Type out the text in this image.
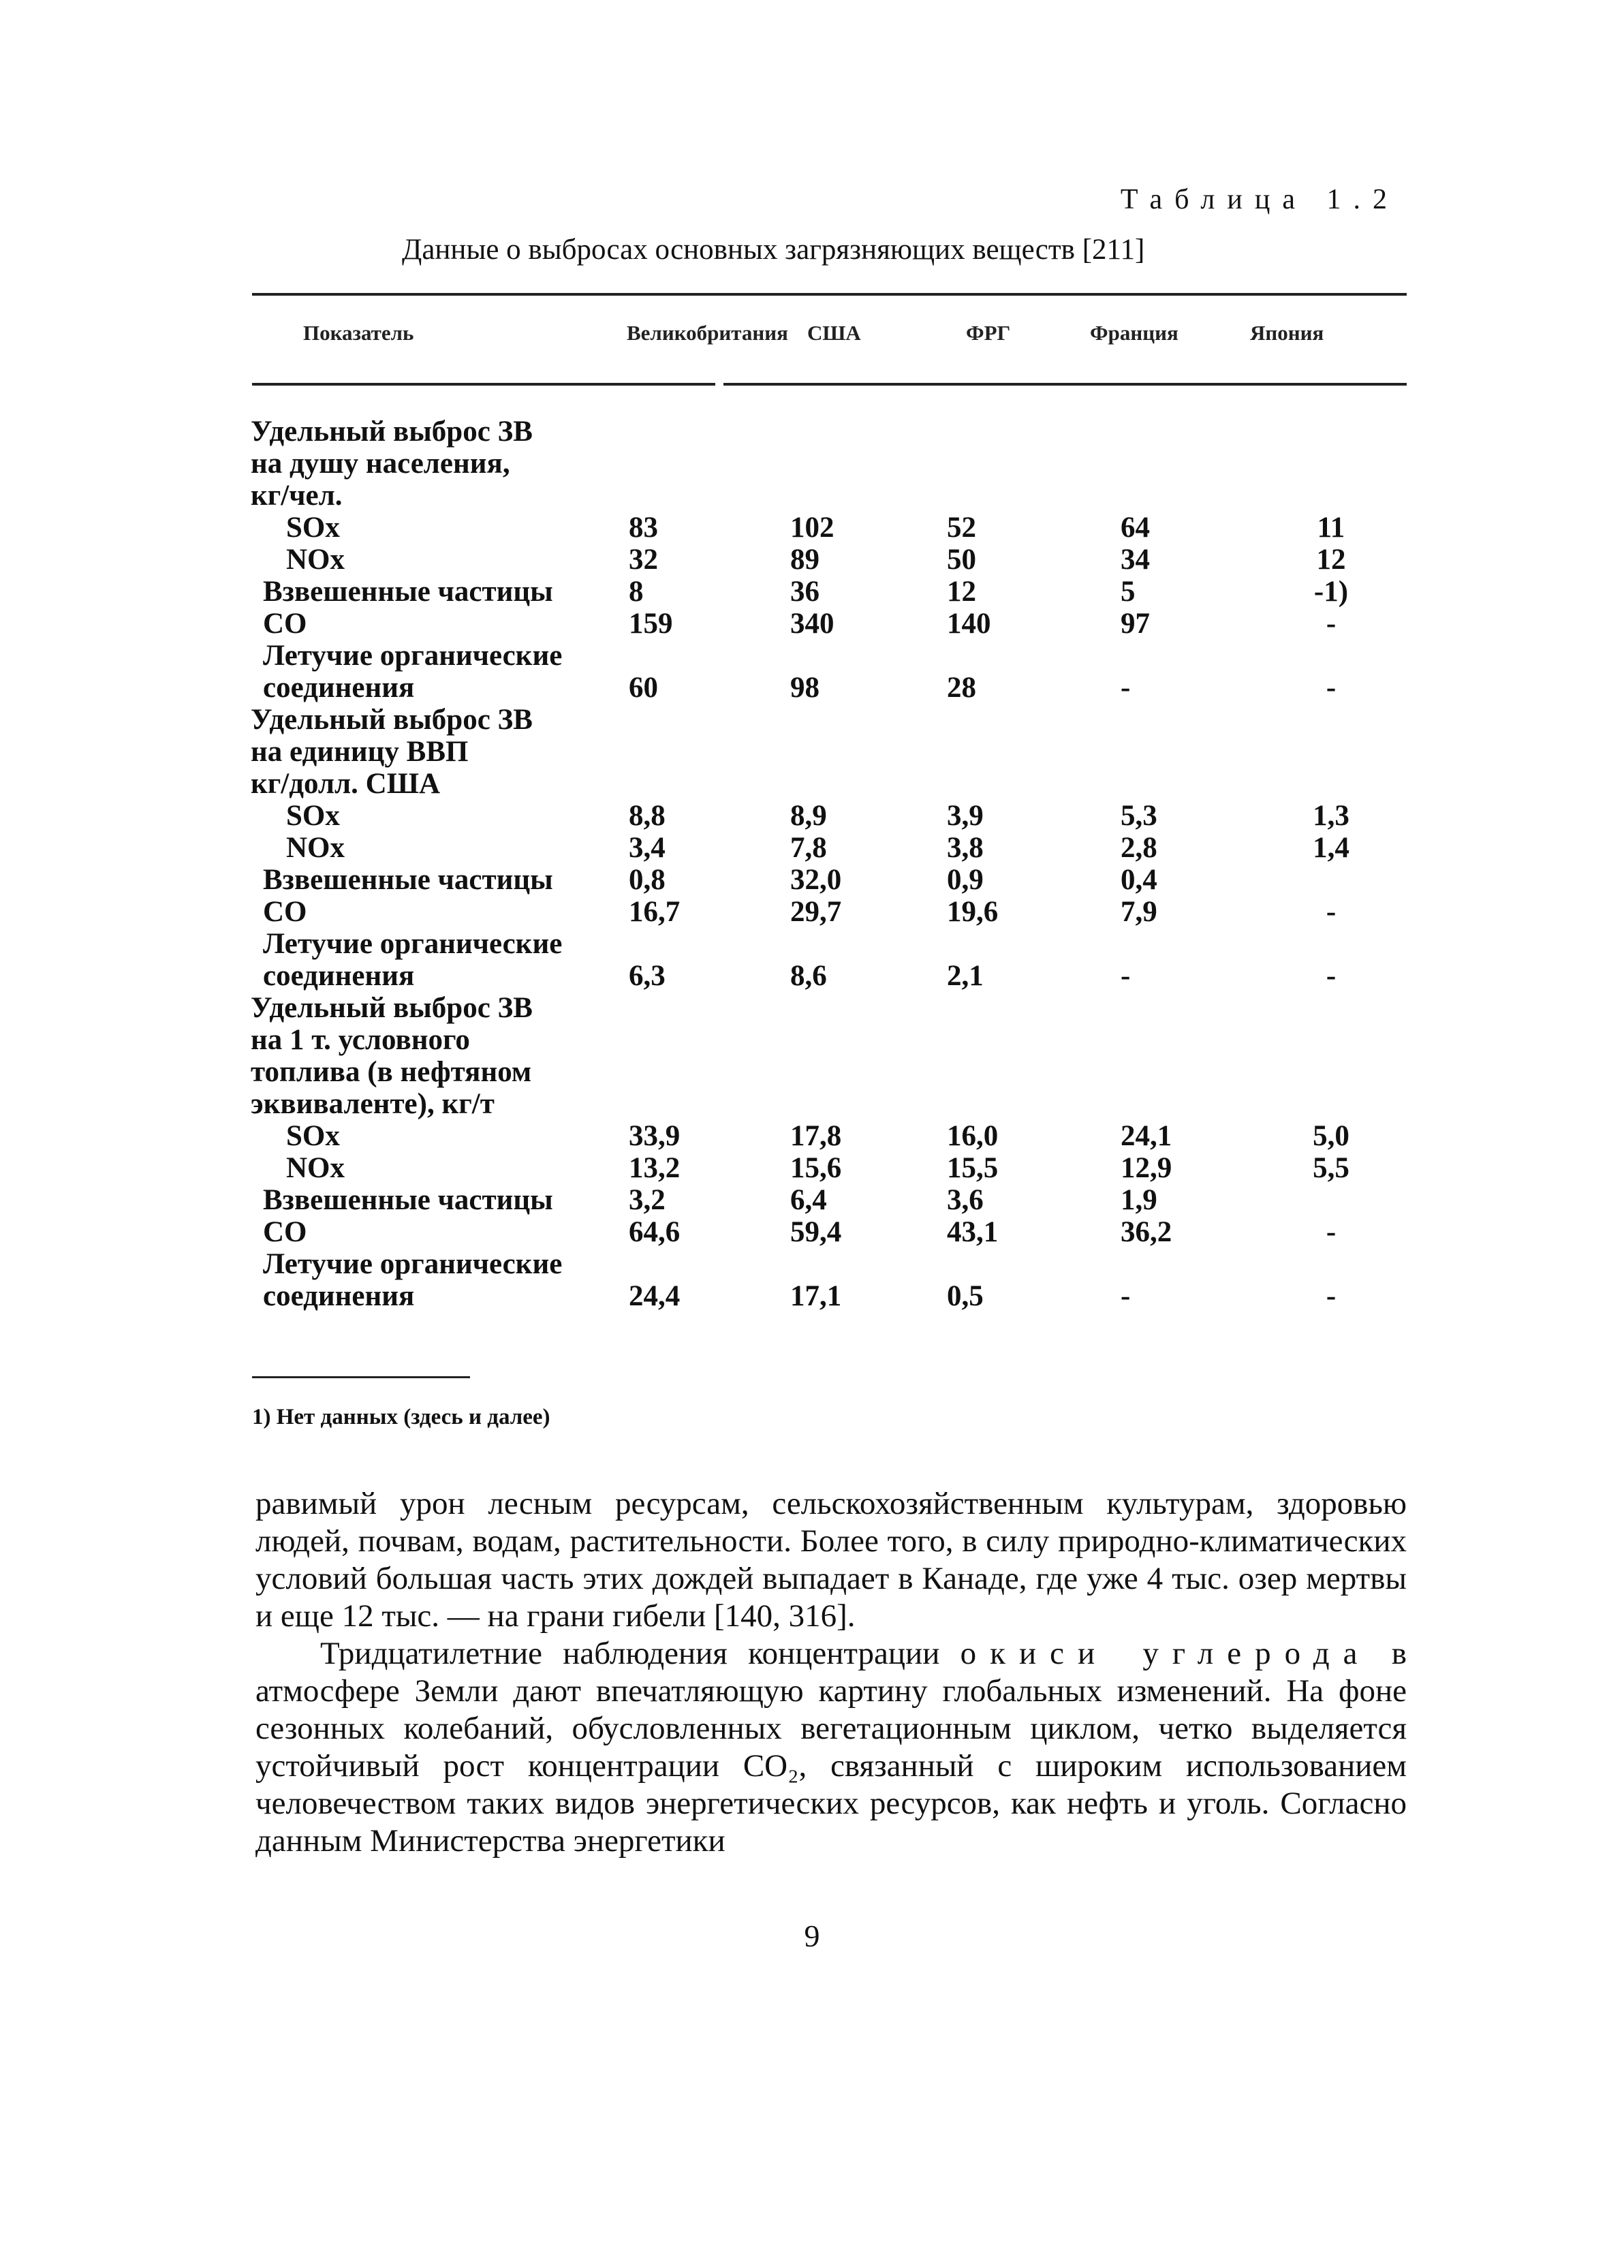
Таблица 1.2
Данные о выбросах основных загрязняющих веществ [211]
Показатель	Великобритания США	ФРГ	Франция	Япония
Удельный выброс ЗВ					
на душу населения,					
кг/чел.					
SOx	83	102	52	64	11
NOx	32	89	50	34	12
Взвешенные частицы	8	36	12	5	-1)
CO	159	340	140	97	-
Летучие органические					
соединения	60	98	28	-	-
Удельный выброс ЗВ					
на единицу ВВП					
кг/долл. США					
SOx	8,8	8,9	3,9	5,3	1,3
NOx	3,4	7,8	3,8	2,8	1,4
Взвешенные частицы	0,8	32,0	0,9	0,4	
CO	16,7	29,7	19,6	7,9	-
Летучие органические					
соединения	6,3	8,6	2,1	-	-
Удельный выброс ЗВ					
на 1 т. условного					
топлива (в нефтяном					
эквиваленте), кг/т					
SOx	33,9	17,8	16,0	24,1	5,0
NOx	13,2	15,6	15,5	12,9	5,5
Взвешенные частицы	3,2	6,4	3,6	1,9	
CO	64,6	59,4	43,1	36,2	-
Летучие органические					
соединения	24,4	17,1	0,5	-	-
1) Нет данных (здесь и далее)

равимый урон лесным ресурсам, сельскохозяйственным культурам, здоровью людей, почвам, водам, растительности. Более того, в силу природно-климатических условий большая часть этих дождей выпадает в Канаде, где уже 4 тыс. озер мертвы и еще 12 тыс. — на грани гибели [140, 316].

Тридцатилетние наблюдения концентрации окиси углерода в атмосфере Земли дают впечатляющую картину глобальных изменений. На фоне сезонных колебаний, обусловленных вегетационным циклом, четко выделяется устойчивый рост концентрации CO₂, связанный с широким использованием человечеством таких видов энергетических ресурсов, как нефть и уголь. Согласно данным Министерства энергетики

9
